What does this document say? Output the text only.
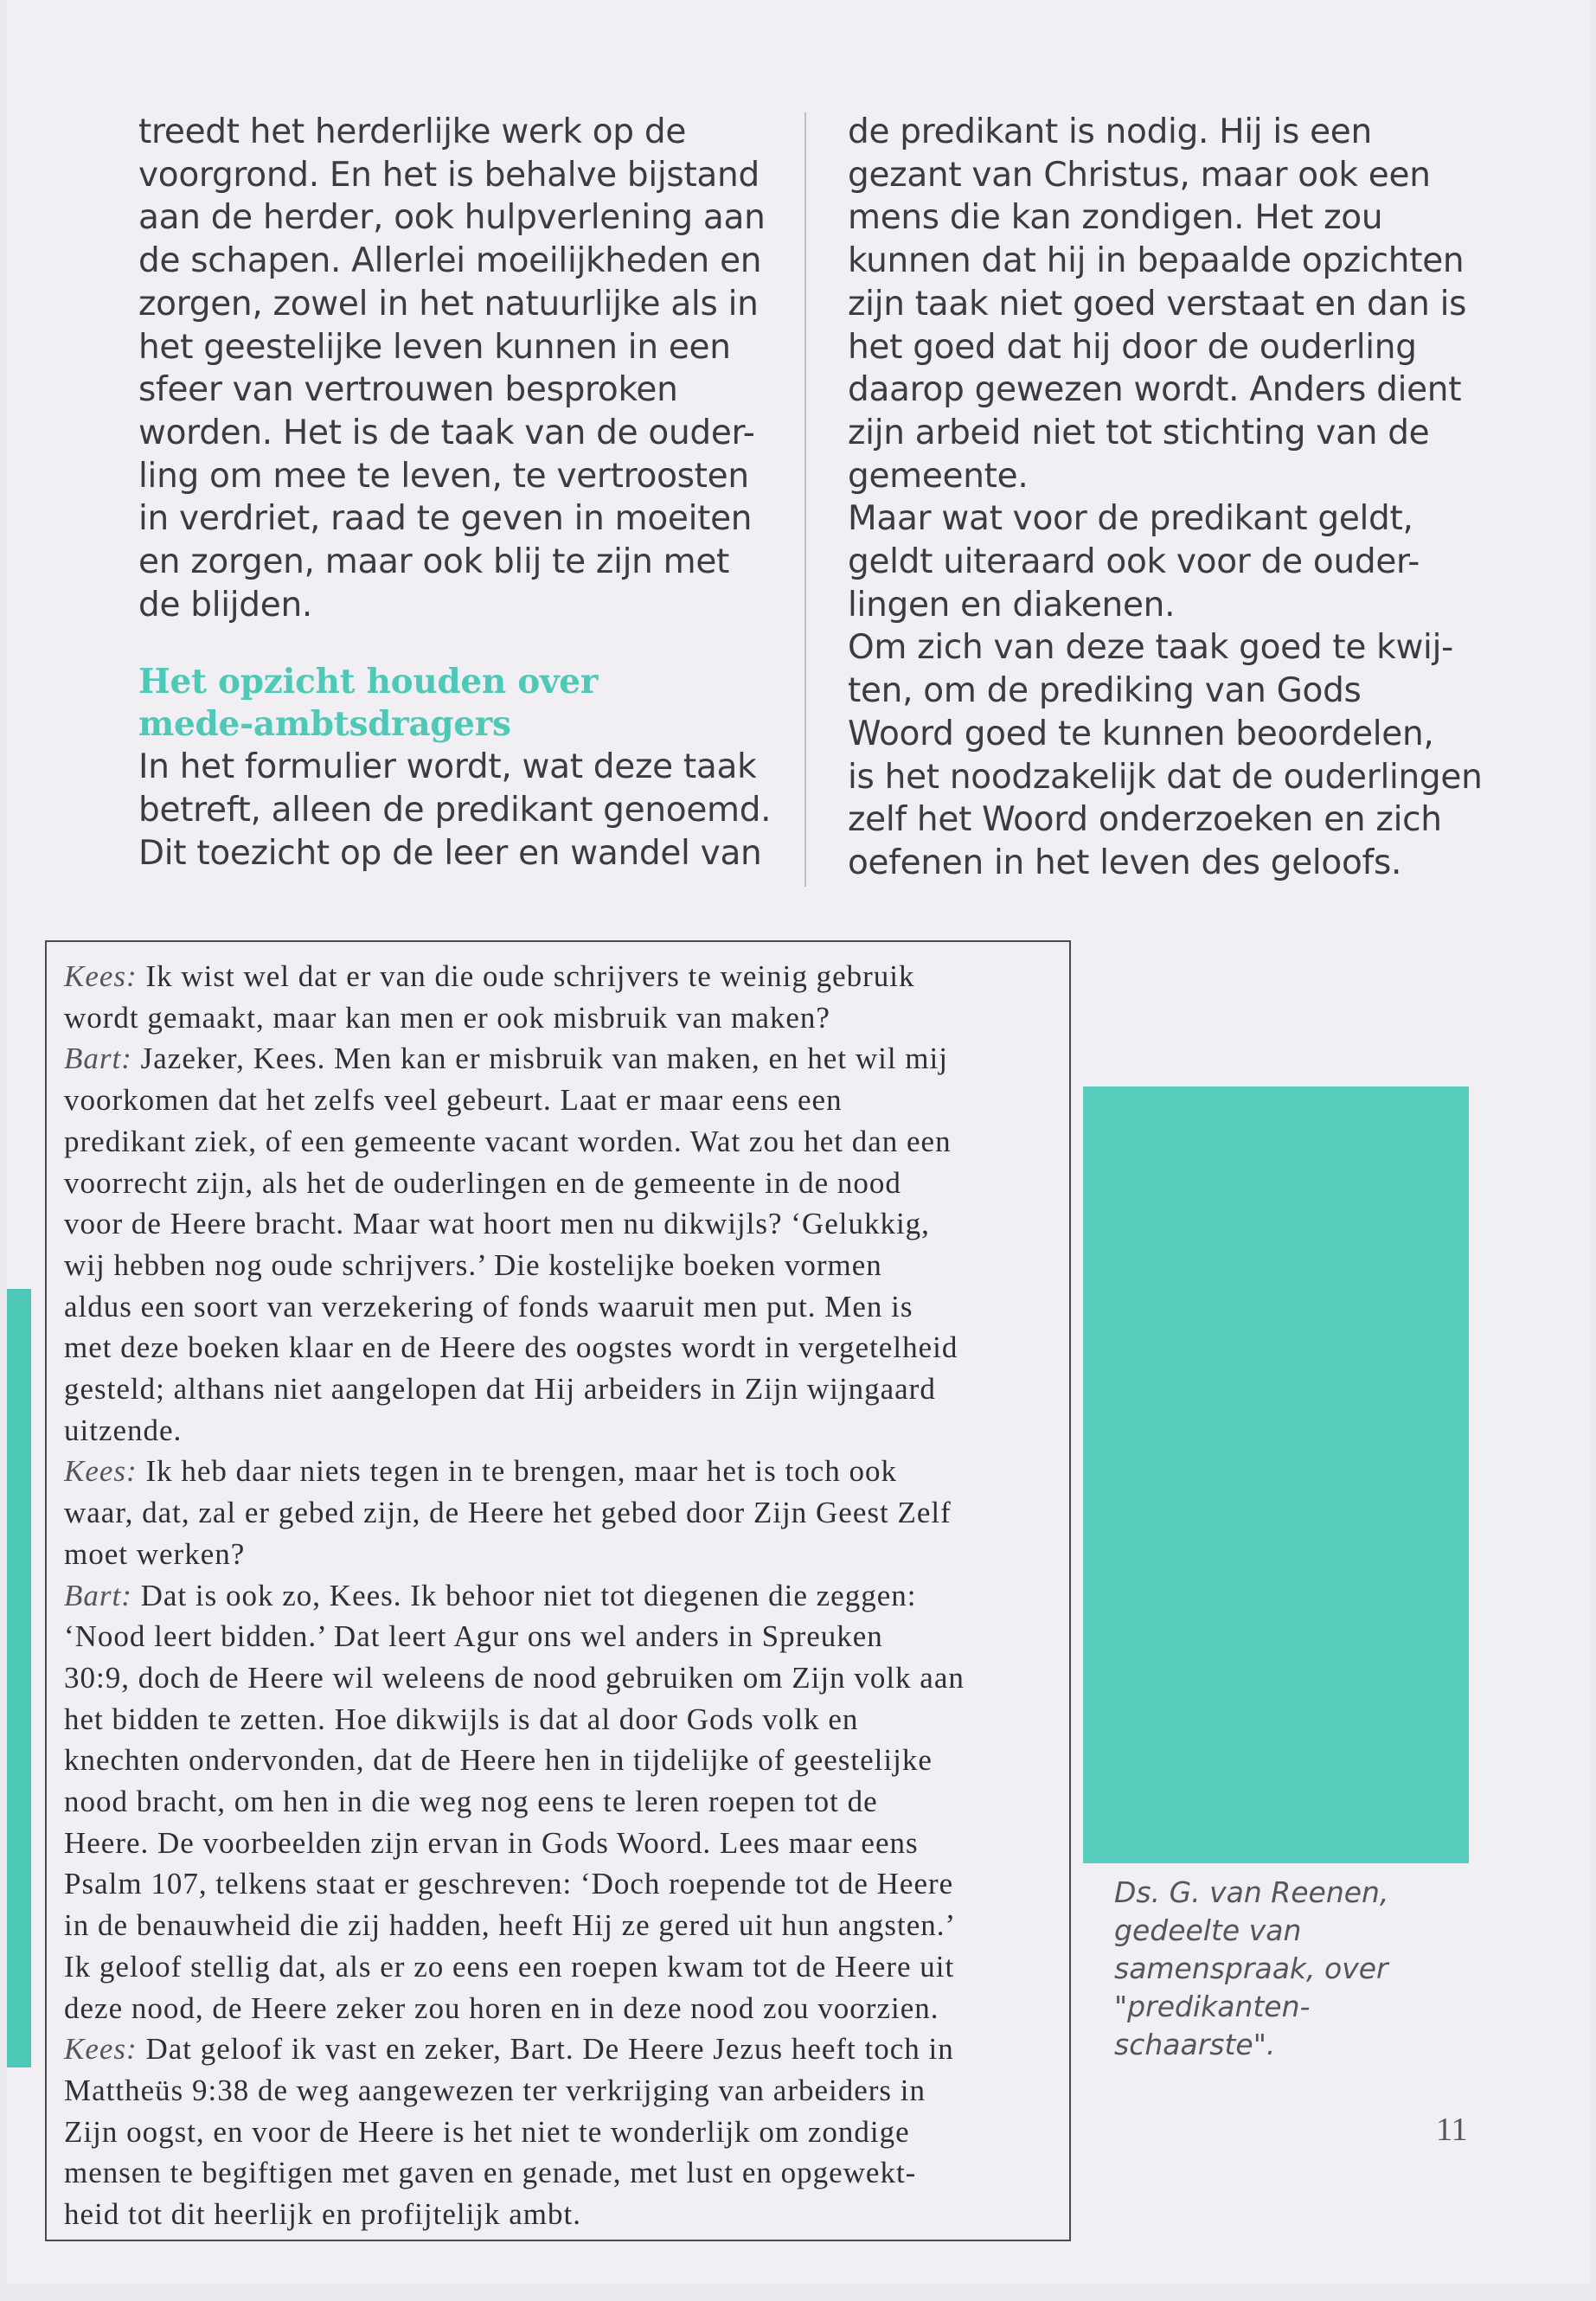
treedt het herderlijke werk op de
voorgrond. En het is behalve bijstand
aan de herder, ook hulpverlening aan
de schapen. Allerlei moeilijkheden en
zorgen, zowel in het natuurlijke als in
het geestelijke leven kunnen in een
sfeer van vertrouwen besproken
worden. Het is de taak van de ouder-
ling om mee te leven, te vertroosten
in verdriet, raad te geven in moeiten
en zorgen, maar ook blij te zijn met
de blijden.
Het opzicht houden over
mede-ambtsdragers
In het formulier wordt, wat deze taak
betreft, alleen de predikant genoemd.
Dit toezicht op de leer en wandel van
de predikant is nodig. Hij is een
gezant van Christus, maar ook een
mens die kan zondigen. Het zou
kunnen dat hij in bepaalde opzichten
zijn taak niet goed verstaat en dan is
het goed dat hij door de ouderling
daarop gewezen wordt. Anders dient
zijn arbeid niet tot stichting van de
gemeente.
Maar wat voor de predikant geldt,
geldt uiteraard ook voor de ouder-
lingen en diakenen.
Om zich van deze taak goed te kwij-
ten, om de prediking van Gods
Woord goed te kunnen beoordelen,
is het noodzakelijk dat de ouderlingen
zelf het Woord onderzoeken en zich
oefenen in het leven des geloofs.
Kees: Ik wist wel dat er van die oude schrijvers te weinig gebruik
wordt gemaakt, maar kan men er ook misbruik van maken?
Bart: Jazeker, Kees. Men kan er misbruik van maken, en het wil mij
voorkomen dat het zelfs veel gebeurt. Laat er maar eens een
predikant ziek, of een gemeente vacant worden. Wat zou het dan een
voorrecht zijn, als het de ouderlingen en de gemeente in de nood
voor de Heere bracht. Maar wat hoort men nu dikwijls? ‘Gelukkig,
wij hebben nog oude schrijvers.’ Die kostelijke boeken vormen
aldus een soort van verzekering of fonds waaruit men put. Men is
met deze boeken klaar en de Heere des oogstes wordt in vergetelheid
gesteld; althans niet aangelopen dat Hij arbeiders in Zijn wijngaard
uitzende.
Kees: Ik heb daar niets tegen in te brengen, maar het is toch ook
waar, dat, zal er gebed zijn, de Heere het gebed door Zijn Geest Zelf
moet werken?
Bart: Dat is ook zo, Kees. Ik behoor niet tot diegenen die zeggen:
‘Nood leert bidden.’ Dat leert Agur ons wel anders in Spreuken
30:9, doch de Heere wil weleens de nood gebruiken om Zijn volk aan
het bidden te zetten. Hoe dikwijls is dat al door Gods volk en
knechten ondervonden, dat de Heere hen in tijdelijke of geestelijke
nood bracht, om hen in die weg nog eens te leren roepen tot de
Heere. De voorbeelden zijn ervan in Gods Woord. Lees maar eens
Psalm 107, telkens staat er geschreven: ‘Doch roepende tot de Heere
in de benauwheid die zij hadden, heeft Hij ze gered uit hun angsten.’
Ik geloof stellig dat, als er zo eens een roepen kwam tot de Heere uit
deze nood, de Heere zeker zou horen en in deze nood zou voorzien.
Kees: Dat geloof ik vast en zeker, Bart. De Heere Jezus heeft toch in
Mattheüs 9:38 de weg aangewezen ter verkrijging van arbeiders in
Zijn oogst, en voor de Heere is het niet te wonderlijk om zondige
mensen te begiftigen met gaven en genade, met lust en opgewekt-
heid tot dit heerlijk en profijtelijk ambt.
Ds. G. van Reenen,
gedeelte van
samenspraak, over
"predikanten-
schaarste".
11
